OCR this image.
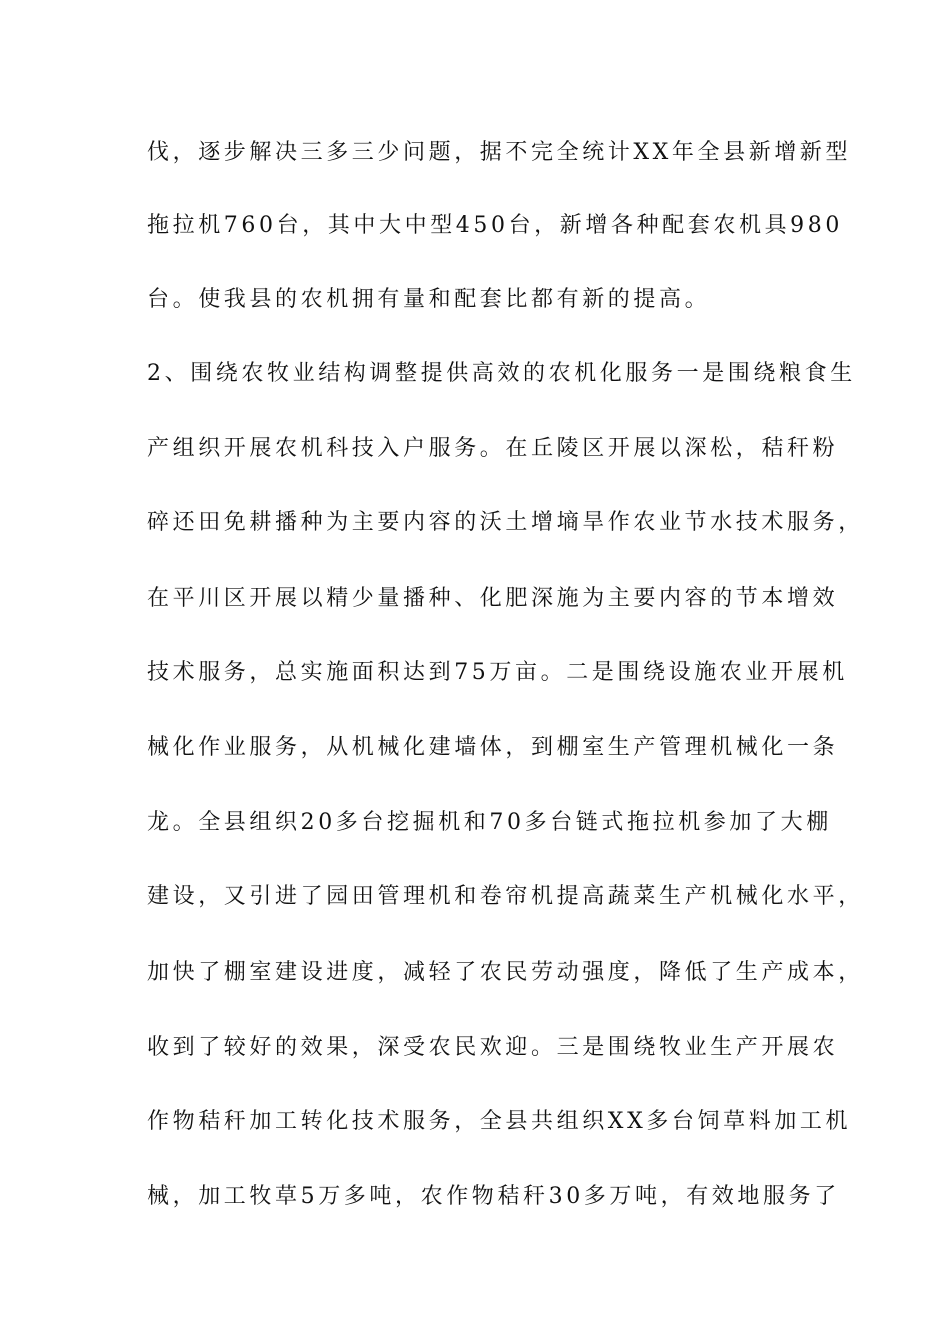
伐，逐步解决三多三少问题，据不完全统计XX年全县新增新型
拖拉机760台，其中大中型450台，新增各种配套农机具980
台。使我县的农机拥有量和配套比都有新的提高。
2、围绕农牧业结构调整提供高效的农机化服务一是围绕粮食生
产组织开展农机科技入户服务。在丘陵区开展以深松，秸秆粉
碎还田免耕播种为主要内容的沃土增墒旱作农业节水技术服务，
在平川区开展以精少量播种、化肥深施为主要内容的节本增效
技术服务，总实施面积达到75万亩。二是围绕设施农业开展机
械化作业服务，从机械化建墙体，到棚室生产管理机械化一条
龙。全县组织20多台挖掘机和70多台链式拖拉机参加了大棚
建设，又引进了园田管理机和卷帘机提高蔬菜生产机械化水平，
加快了棚室建设进度，减轻了农民劳动强度，降低了生产成本，
收到了较好的效果，深受农民欢迎。三是围绕牧业生产开展农
作物秸秆加工转化技术服务，全县共组织XX多台饲草料加工机
械，加工牧草5万多吨，农作物秸秆30多万吨，有效地服务了
